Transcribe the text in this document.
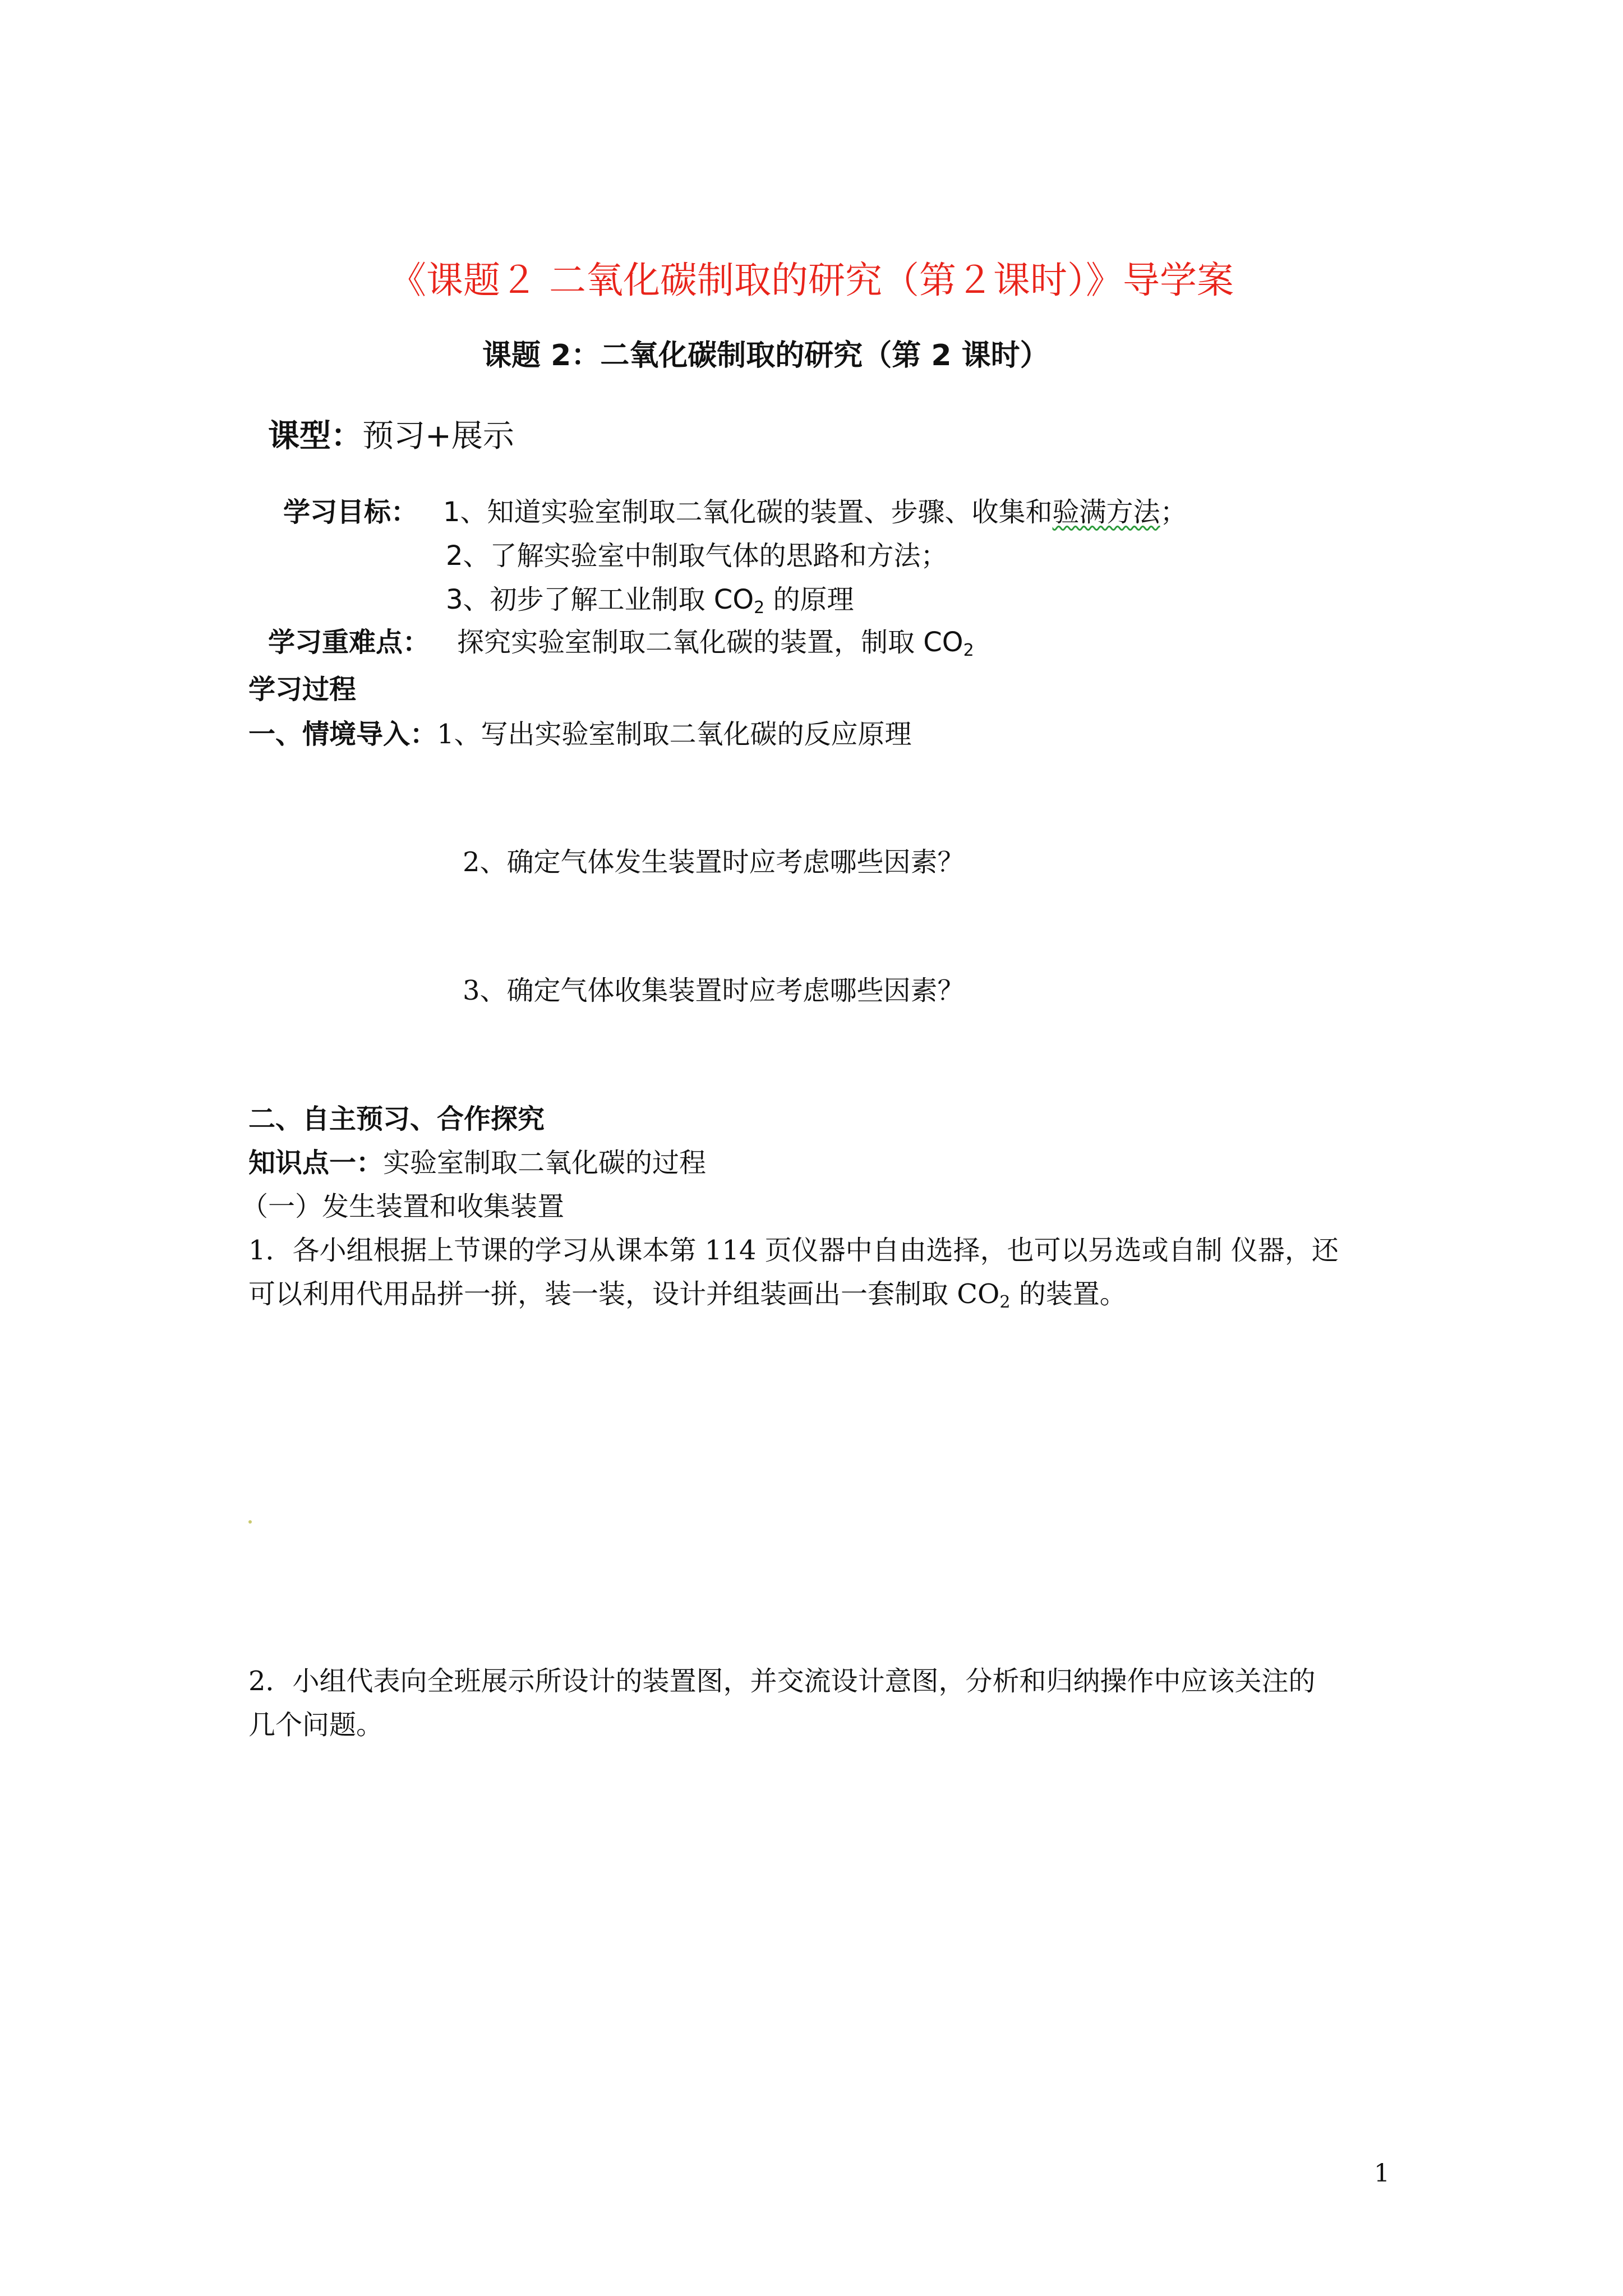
《课题２ 二氧化碳制取的研究（第２课时）》导学案
课题 2：二氧化碳制取的研究（第 2 课时）
课型：预习+展示
学习目标： 1、知道实验室制取二氧化碳的装置、步骤、收集和验满方法；
2、了解实验室中制取气体的思路和方法；
3、初步了解工业制取 $CO_2$ 的原理
学习重难点： 探究实验室制取二氧化碳的装置，制取 $CO_2$
学习过程
一、情境导入：1、写出实验室制取二氧化碳的反应原理
2、确定气体发生装置时应考虑哪些因素？
3、确定气体收集装置时应考虑哪些因素？
二、自主预习、合作探究
知识点一：实验室制取二氧化碳的过程
（一）发生装置和收集装置
1．各小组根据上节课的学习从课本第 114 页仪器中自由选择，也可以另选或自制 仪器，还
可以利用代用品拼一拼，装一装，设计并组装画出一套制取 $CO_2$ 的装置。
2．小组代表向全班展示所设计的装置图，并交流设计意图，分析和归纳操作中应该关注的
几个问题。
1
